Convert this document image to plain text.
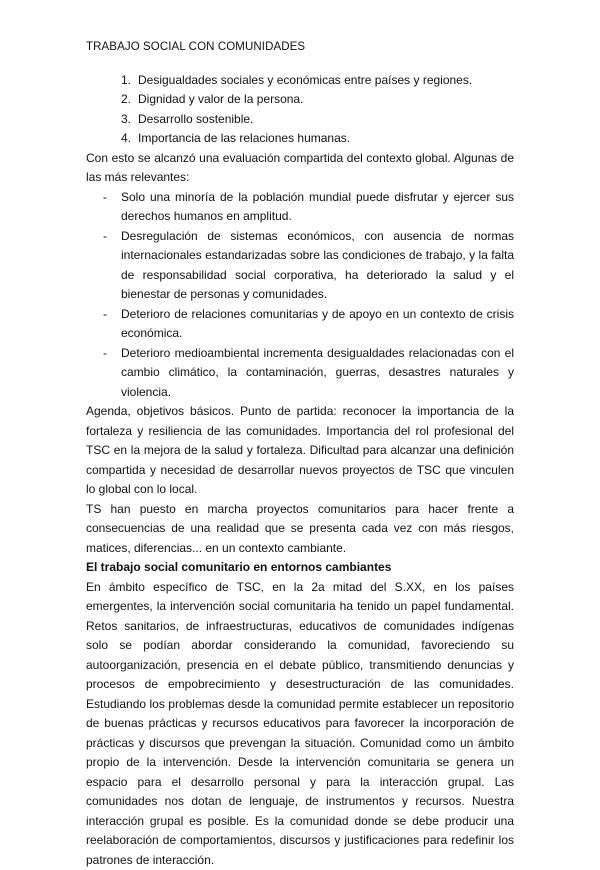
TRABAJO SOCIAL CON COMUNIDADES
1. Desigualdades sociales y económicas entre países y regiones.
2. Dignidad y valor de la persona.
3. Desarrollo sostenible.
4. Importancia de las relaciones humanas.

Con esto se alcanzó una evaluación compartida del contexto global. Algunas de las más relevantes:

-	Solo una minoría de la población mundial puede disfrutar y ejercer sus derechos humanos en amplitud.
-	Desregulación de sistemas económicos, con ausencia de normas internacionales estandarizadas sobre las condiciones de trabajo, y la falta de responsabilidad social corporativa, ha deteriorado la salud y el bienestar de personas y comunidades.
-	Deterioro de relaciones comunitarias y de apoyo en un contexto de crisis económica.
-	Deterioro medioambiental incrementa desigualdades relacionadas con el cambio climático, la contaminación, guerras, desastres naturales y violencia.

Agenda, objetivos básicos. Punto de partida: reconocer la importancia de la fortaleza y resiliencia de las comunidades. Importancia del rol profesional del TSC en la mejora de la salud y fortaleza. Dificultad para alcanzar una definición compartida y necesidad de desarrollar nuevos proyectos de TSC que vinculen lo global con lo local.

TS han puesto en marcha proyectos comunitarios para hacer frente a consecuencias de una realidad que se presenta cada vez con más riesgos, matices, diferencias... en un contexto cambiante.

El trabajo social comunitario en entornos cambiantes

En ámbito específico de TSC, en la 2a mitad del S.XX, en los países emergentes, la intervención social comunitaria ha tenido un papel fundamental. Retos sanitarios, de infraestructuras, educativos de comunidades indígenas solo se podían abordar considerando la comunidad, favoreciendo su autoorganización, presencia en el debate público, transmitiendo denuncias y procesos de empobrecimiento y desestructuración de las comunidades. Estudiando los problemas desde la comunidad permite establecer un repositorio de buenas prácticas y recursos educativos para favorecer la incorporación de prácticas y discursos que prevengan la situación. Comunidad como un ámbito propio de la intervención. Desde la intervención comunitaria se genera un espacio para el desarrollo personal y para la interacción grupal. Las comunidades nos dotan de lenguaje, de instrumentos y recursos. Nuestra interacción grupal es posible. Es la comunidad donde se debe producir una reelaboración de comportamientos, discursos y justificaciones para redefinir los patrones de interacción.
